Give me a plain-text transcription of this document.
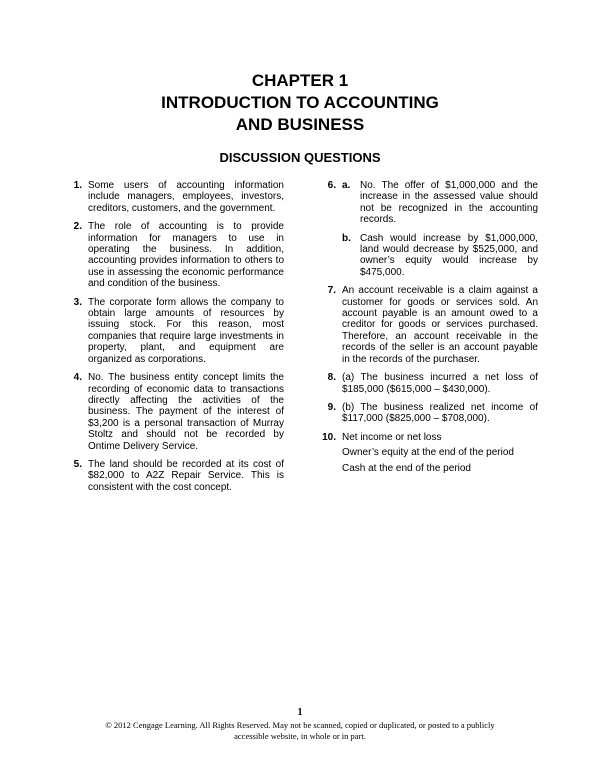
CHAPTER 1
INTRODUCTION TO ACCOUNTING
AND BUSINESS
DISCUSSION QUESTIONS
1. Some users of accounting information include managers, employees, investors, creditors, customers, and the government.
2. The role of accounting is to provide information for managers to use in operating the business. In addition, accounting provides information to others to use in assessing the economic performance and condition of the business.
3. The corporate form allows the company to obtain large amounts of resources by issuing stock. For this reason, most companies that require large investments in property, plant, and equipment are organized as corporations.
4. No. The business entity concept limits the recording of economic data to transactions directly affecting the activities of the business. The payment of the interest of $3,200 is a personal transaction of Murray Stoltz and should not be recorded by Ontime Delivery Service.
5. The land should be recorded at its cost of $82,000 to A2Z Repair Service. This is consistent with the cost concept.
6. a. No. The offer of $1,000,000 and the increase in the assessed value should not be recognized in the accounting records.
b. Cash would increase by $1,000,000, land would decrease by $525,000, and owner’s equity would increase by $475,000.
7. An account receivable is a claim against a customer for goods or services sold. An account payable is an amount owed to a creditor for goods or services purchased. Therefore, an account receivable in the records of the seller is an account payable in the records of the purchaser.
8. (a) The business incurred a net loss of $185,000 ($615,000 – $430,000).
9. (b) The business realized net income of $117,000 ($825,000 – $708,000).
10. Net income or net loss
Owner’s equity at the end of the period
Cash at the end of the period
1
© 2012 Cengage Learning. All Rights Reserved. May not be scanned, copied or duplicated, or posted to a publicly accessible website, in whole or in part.
